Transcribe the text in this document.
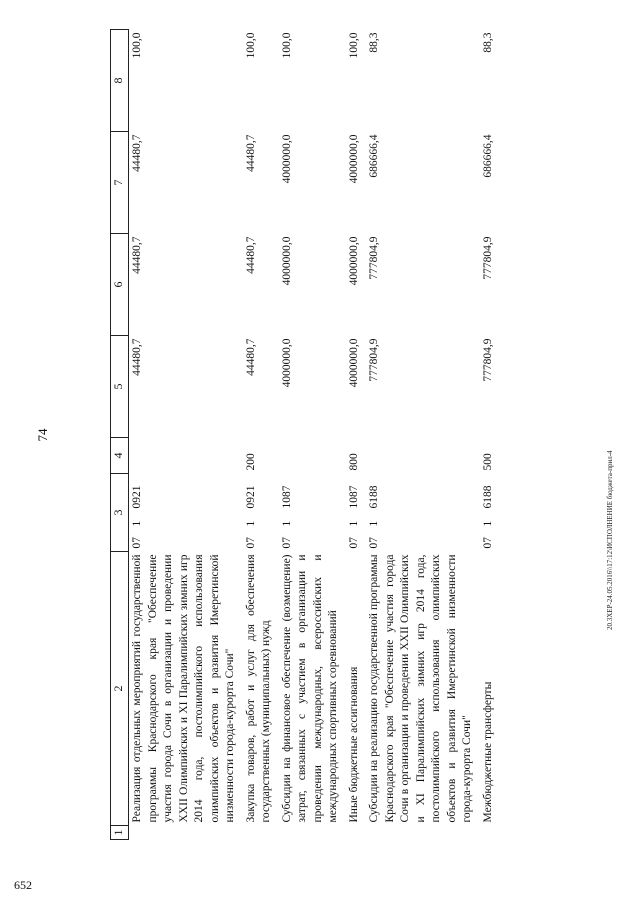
74
1	2	3			4	5	6	7	8
	Реализация отдельных мероприятий государственной программы Краснодарского края "Обеспечение участия города Сочи в организации и проведении XXII Олимпийских и XI Паралимпийских зимних игр 2014 года, постолимпийского использования олимпийских объектов и развития Имеретинской низменности города-курорта Сочи"	07	1	0921		44480,7	44480,7	44480,7	100,0
	Закупка товаров, работ и услуг для обеспечения государственных (муниципальных) нужд	07	1	0921	200	44480,7	44480,7	44480,7	100,0
	Субсидии на финансовое обеспечение (возмещение) затрат, связанных с участием в организации и проведении международных, всероссийских и международных спортивных соревнований	07	1	1087		4000000,0	4000000,0	4000000,0	100,0
	Иные бюджетные ассигнования	07	1	1087	800	4000000,0	4000000,0	4000000,0	100,0
	Субсидии на реализацию государственной программы Краснодарского края "Обеспечение участия города Сочи в организации и проведении XXII Олимпийских и XI Паралимпийских зимних игр 2014 года, постолимпийского использования олимпийских объектов и развития Имеретинской низменности города-курорта Сочи"	07	1	6188		777804,9	777804,9	686666,4	88,3
	Межбюджетные трансферты	07	1	6188	500	777804,9	777804,9	686666,4	88,3
20.3ХЕР-24.05.2016\\17:12\ИСПОЛНЕНИЕ бюджета-прил-4
652
